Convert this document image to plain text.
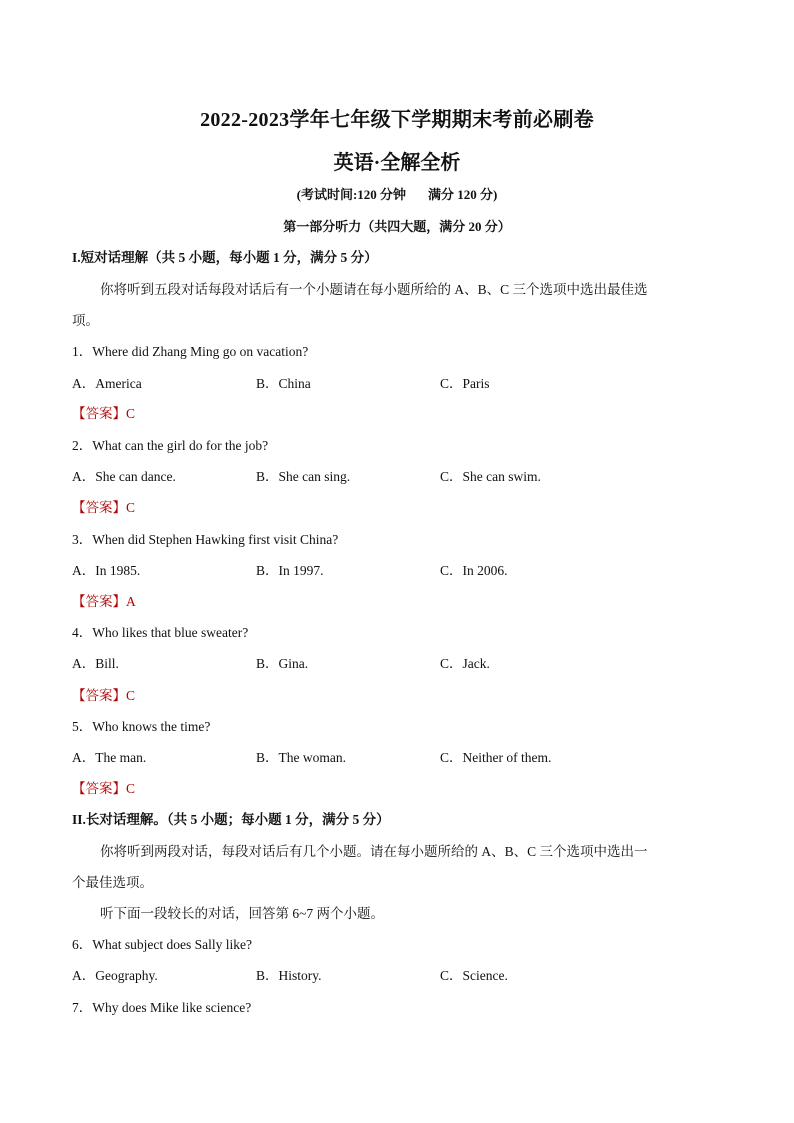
2022-2023学年七年级下学期期末考前必刷卷
英语·全解全析
(考试时间:120 分钟 满分 120 分)
第一部分听力（共四大题，满分 20 分）
I.短对话理解（共 5 小题，每小题 1 分，满分 5 分）
你将听到五段对话每段对话后有一个小题请在每小题所给的 A、B、C 三个选项中选出最佳选
项。
1．Where did Zhang Ming go on vacation?
A．America	B．China	C．Paris
【答案】C
2．What can the girl do for the job?
A．She can dance.	B．She can sing.	C．She can swim.
【答案】C
3．When did Stephen Hawking first visit China?
A．In 1985.	B．In 1997.	C．In 2006.
【答案】A
4．Who likes that blue sweater?
A．Bill.	B．Gina.	C．Jack.
【答案】C
5．Who knows the time?
A．The man.	B．The woman.	C．Neither of them.
【答案】C
II.长对话理解。（共 5 小题；每小题 1 分，满分 5 分）
你将听到两段对话，每段对话后有几个小题。请在每小题所给的 A、B、C 三个选项中选出一
个最佳选项。
听下面一段较长的对话，回答第 6~7 两个小题。
6．What subject does Sally like?
A．Geography.	B．History.	C．Science.
7．Why does Mike like science?
